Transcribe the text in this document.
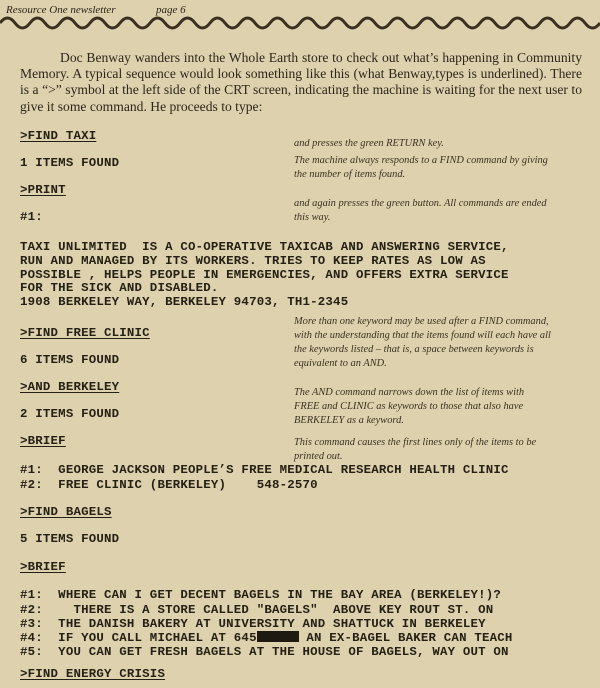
Resource One newsletter	page 6

Doc Benway wanders into the Whole Earth store to check out what’s happening in Community Memory. A typical sequence would look something like this (what Benway,types is underlined). There is a “>” symbol at the left side of the CRT screen, indicating the machine is waiting for the next user to give it some command. He proceeds to type:

>FIND TAXI
and presses the green RETURN key.
1 ITEMS FOUND	The machine always responds to a FIND command by giving the number of items found.
>PRINT
and again presses the green button. All commands are ended this way.
#1:
TAXI UNLIMITED  IS A CO-OPERATIVE TAXICAB AND ANSWERING SERVICE,
RUN AND MANAGED BY ITS WORKERS. TRIES TO KEEP RATES AS LOW AS
POSSIBLE , HELPS PEOPLE IN EMERGENCIES, AND OFFERS EXTRA SERVICE
FOR THE SICK AND DISABLED.
1908 BERKELEY WAY, BERKELEY 94703, TH1-2345
More than one keyword may be used after a FIND command, with the understanding that the items found will each have all the keywords listed – that is, a space between keywords is equivalent to an AND.
>FIND FREE CLINIC
6 ITEMS FOUND
>AND BERKELEY	The AND command narrows down the list of items with FREE and CLINIC as keywords to those that also have BERKELEY as a keyword.
2 ITEMS FOUND
>BRIEF	This command causes the first lines only of the items to be printed out.
#1:  GEORGE JACKSON PEOPLE’S FREE MEDICAL RESEARCH HEALTH CLINIC
#2:  FREE CLINIC (BERKELEY)    548-2570
>FIND BAGELS
5 ITEMS FOUND
>BRIEF
#1:  WHERE CAN I GET DECENT BAGELS IN THE BAY AREA (BERKELEY!)?
#2:    THERE IS A STORE CALLED "BAGELS"  ABOVE KEY ROUT ST. ON
#3:  THE DANISH BAKERY AT UNIVERSITY AND SHATTUCK IN BERKELEY
#4:  IF YOU CALL MICHAEL AT 645	AN EX-BAGEL BAKER CAN TEACH
#5:  YOU CAN GET FRESH BAGELS AT THE HOUSE OF BAGELS, WAY OUT ON
>FIND ENERGY CRISIS
